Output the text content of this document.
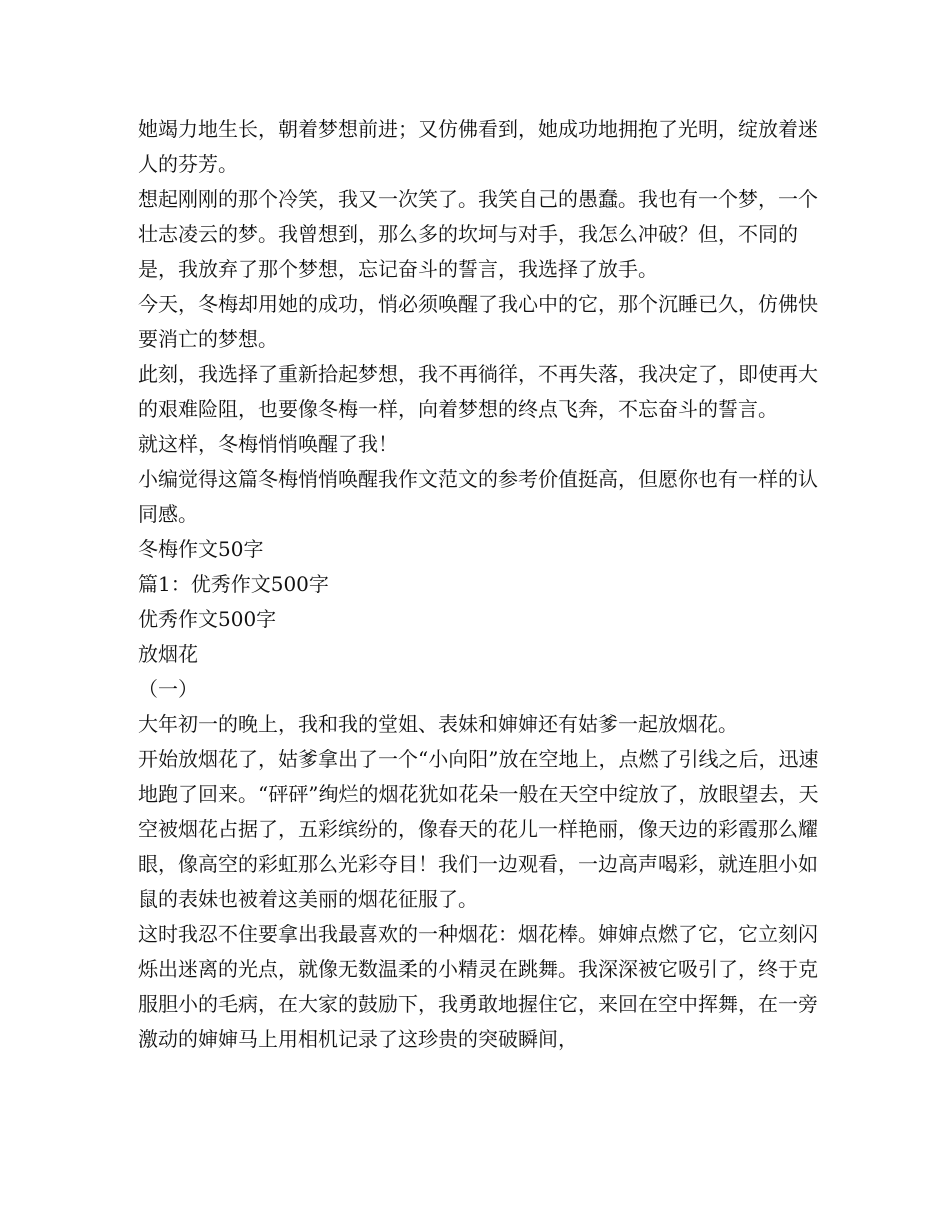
她竭力地生长，朝着梦想前进；又仿佛看到，她成功地拥抱了光明，绽放着迷人的芬芳。

想起刚刚的那个冷笑，我又一次笑了。我笑自己的愚蠢。我也有一个梦，一个壮志凌云的梦。我曾想到，那么多的坎坷与对手，我怎么冲破？但，不同的是，我放弃了那个梦想，忘记奋斗的誓言，我选择了放手。

今天，冬梅却用她的成功，悄必须唤醒了我心中的它，那个沉睡已久，仿佛快要消亡的梦想。

此刻，我选择了重新拾起梦想，我不再徜徉，不再失落，我决定了，即使再大的艰难险阻，也要像冬梅一样，向着梦想的终点飞奔，不忘奋斗的誓言。

就这样，冬梅悄悄唤醒了我！

小编觉得这篇冬梅悄悄唤醒我作文范文的参考价值挺高，但愿你也有一样的认同感。

冬梅作文50字

篇1：优秀作文500字

优秀作文500字

放烟花

（一）

大年初一的晚上，我和我的堂姐、表妹和婶婶还有姑爹一起放烟花。

开始放烟花了，姑爹拿出了一个“小向阳”放在空地上，点燃了引线之后，迅速地跑了回来。“砰砰”绚烂的烟花犹如花朵一般在天空中绽放了，放眼望去，天空被烟花占据了，五彩缤纷的，像春天的花儿一样艳丽，像天边的彩霞那么耀眼，像高空的彩虹那么光彩夺目！我们一边观看，一边高声喝彩，就连胆小如鼠的表妹也被着这美丽的烟花征服了。

这时我忍不住要拿出我最喜欢的一种烟花：烟花棒。婶婶点燃了它，它立刻闪烁出迷离的光点，就像无数温柔的小精灵在跳舞。我深深被它吸引了，终于克服胆小的毛病，在大家的鼓励下，我勇敢地握住它，来回在空中挥舞，在一旁激动的婶婶马上用相机记录了这珍贵的突破瞬间，
